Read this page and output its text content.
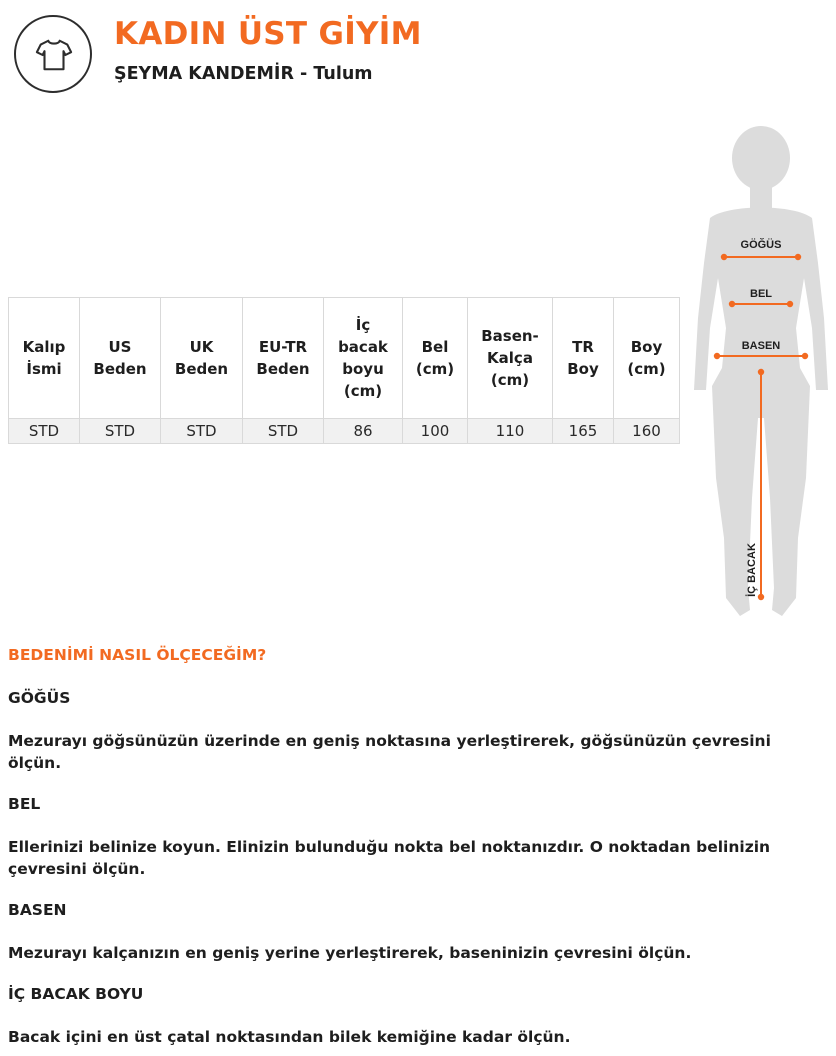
KADIN ÜST GİYİM
ŞEYMA KANDEMİR - Tulum
Kalıp İsmi	US Beden	UK Beden	EU-TR Beden	İç bacak boyu (cm)	Bel (cm)	Basen-Kalça (cm)	TR Boy	Boy (cm)
STD	STD	STD	STD	86	100	110	165	160
GÖĞÜS
BEL
BASEN
İÇ BACAK
BEDENİMİ NASIL ÖLÇECEĞİM?
GÖĞÜS
Mezurayı göğsünüzün üzerinde en geniş noktasına yerleştirerek, göğsünüzün çevresini ölçün.
BEL
Ellerinizi belinize koyun. Elinizin bulunduğu nokta bel noktanızdır. O noktadan belinizin çevresini ölçün.
BASEN
Mezurayı kalçanızın en geniş yerine yerleştirerek, baseninizin çevresini ölçün.
İÇ BACAK BOYU
Bacak içini en üst çatal noktasından bilek kemiğine kadar ölçün.
